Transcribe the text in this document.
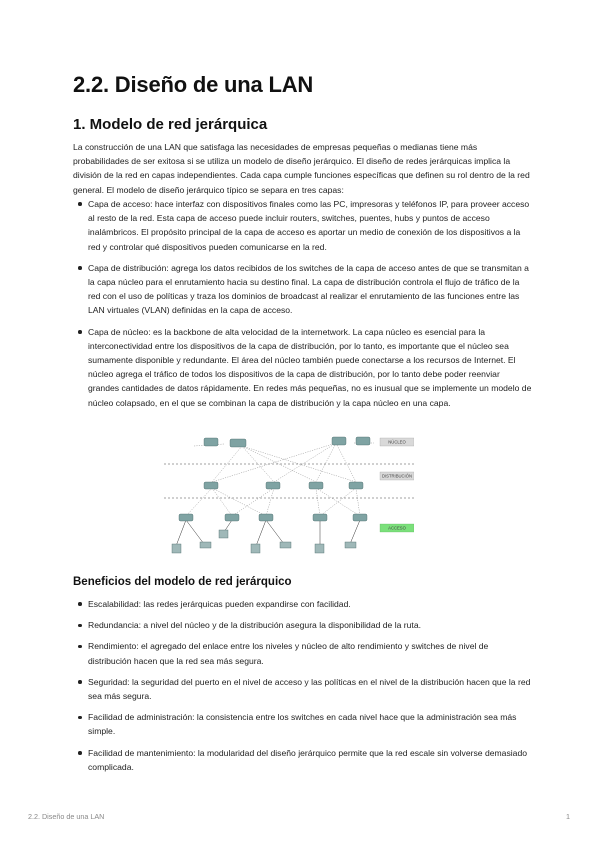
2.2. Diseño de una LAN
1. Modelo de red jerárquica

La construcción de una LAN que satisfaga las necesidades de empresas pequeñas o medianas tiene más probabilidades de ser exitosa si se utiliza un modelo de diseño jerárquico. El diseño de redes jerárquicas implica la división de la red en capas independientes. Cada capa cumple funciones específicas que definen su rol dentro de la red general. El modelo de diseño jerárquico típico se separa en tres capas:

Capa de acceso: hace interfaz con dispositivos finales como las PC, impresoras y teléfonos IP, para proveer acceso al resto de la red. Esta capa de acceso puede incluir routers, switches, puentes, hubs y puntos de acceso inalámbricos. El propósito principal de la capa de acceso es aportar un medio de conexión de los dispositivos a la red y controlar qué dispositivos pueden comunicarse en la red.
Capa de distribución: agrega los datos recibidos de los switches de la capa de acceso antes de que se transmitan a la capa núcleo para el enrutamiento hacia su destino final. La capa de distribución controla el flujo de tráfico de la red con el uso de políticas y traza los dominios de broadcast al realizar el enrutamiento de las funciones entre las LAN virtuales (VLAN) definidas en la capa de acceso.
Capa de núcleo: es la backbone de alta velocidad de la internetwork. La capa núcleo es esencial para la interconectividad entre los dispositivos de la capa de distribución, por lo tanto, es importante que el núcleo sea sumamente disponible y redundante. El área del núcleo también puede conectarse a los recursos de Internet. El núcleo agrega el tráfico de todos los dispositivos de la capa de distribución, por lo tanto debe poder reenviar grandes cantidades de datos rápidamente. En redes más pequeñas, no es inusual que se implemente un modelo de núcleo colapsado, en el que se combinan la capa de distribución y la capa núcleo en una capa.
NÚCLEO
DISTRIBUCIÓN
ACCESO
Beneficios del modelo de red jerárquico
Escalabilidad: las redes jerárquicas pueden expandirse con facilidad.
Redundancia: a nivel del núcleo y de la distribución asegura la disponibilidad de la ruta.
Rendimiento: el agregado del enlace entre los niveles y núcleo de alto rendimiento y switches de nivel de distribución hacen que la red sea más segura.
Seguridad: la seguridad del puerto en el nivel de acceso y las políticas en el nivel de la distribución hacen que la red sea más segura.
Facilidad de administración: la consistencia entre los switches en cada nivel hace que la administración sea más simple.
Facilidad de mantenimiento: la modularidad del diseño jerárquico permite que la red escale sin volverse demasiado complicada.
2.2. Diseño de una LAN	1
